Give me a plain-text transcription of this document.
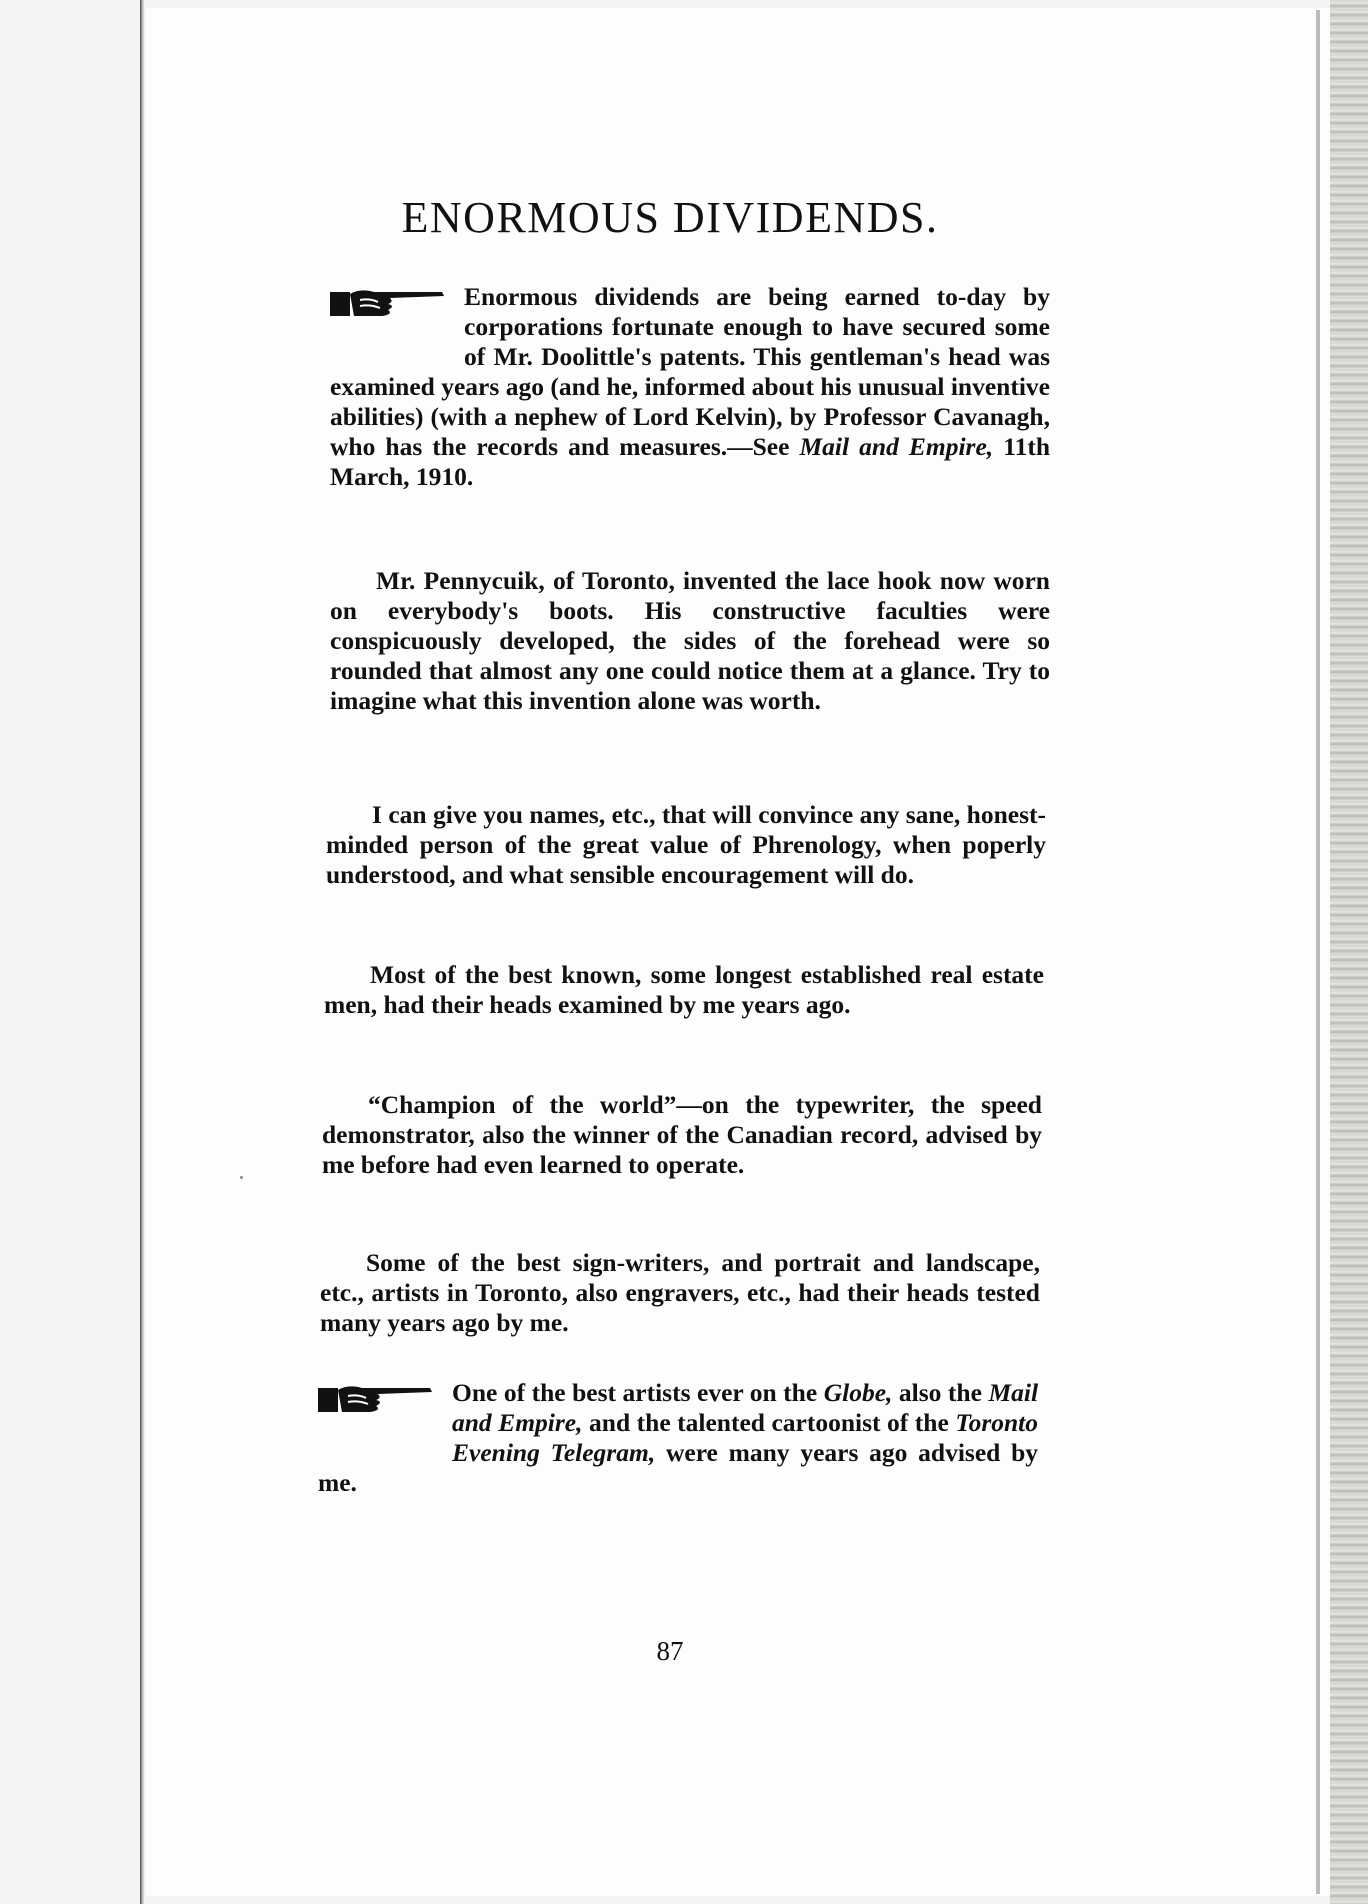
ENORMOUS DIVIDENDS.
Enormous dividends are being earned to-day by corporations fortunate enough to have secured some of Mr. Doolittle's patents. This gentleman's head was examined years ago (and he, informed about his unusual inventive abilities) (with a nephew of Lord Kelvin), by Professor Cavanagh, who has the records and measures.—See Mail and Empire, 11th March, 1910.
Mr. Pennycuik, of Toronto, invented the lace hook now worn on everybody's boots. His constructive faculties were conspicuously developed, the sides of the forehead were so rounded that almost any one could notice them at a glance. Try to imagine what this invention alone was worth.
I can give you names, etc., that will convince any sane, honest-minded person of the great value of Phrenology, when poperly understood, and what sensible encouragement will do.
Most of the best known, some longest established real estate men, had their heads examined by me years ago.
“Champion of the world”—on the typewriter, the speed demonstrator, also the winner of the Canadian record, advised by me before had even learned to operate.
Some of the best sign-writers, and portrait and landscape, etc., artists in Toronto, also engravers, etc., had their heads tested many years ago by me.
One of the best artists ever on the Globe, also the Mail and Empire, and the talented cartoonist of the Toronto Evening Telegram, were many years ago advised by me.
87
